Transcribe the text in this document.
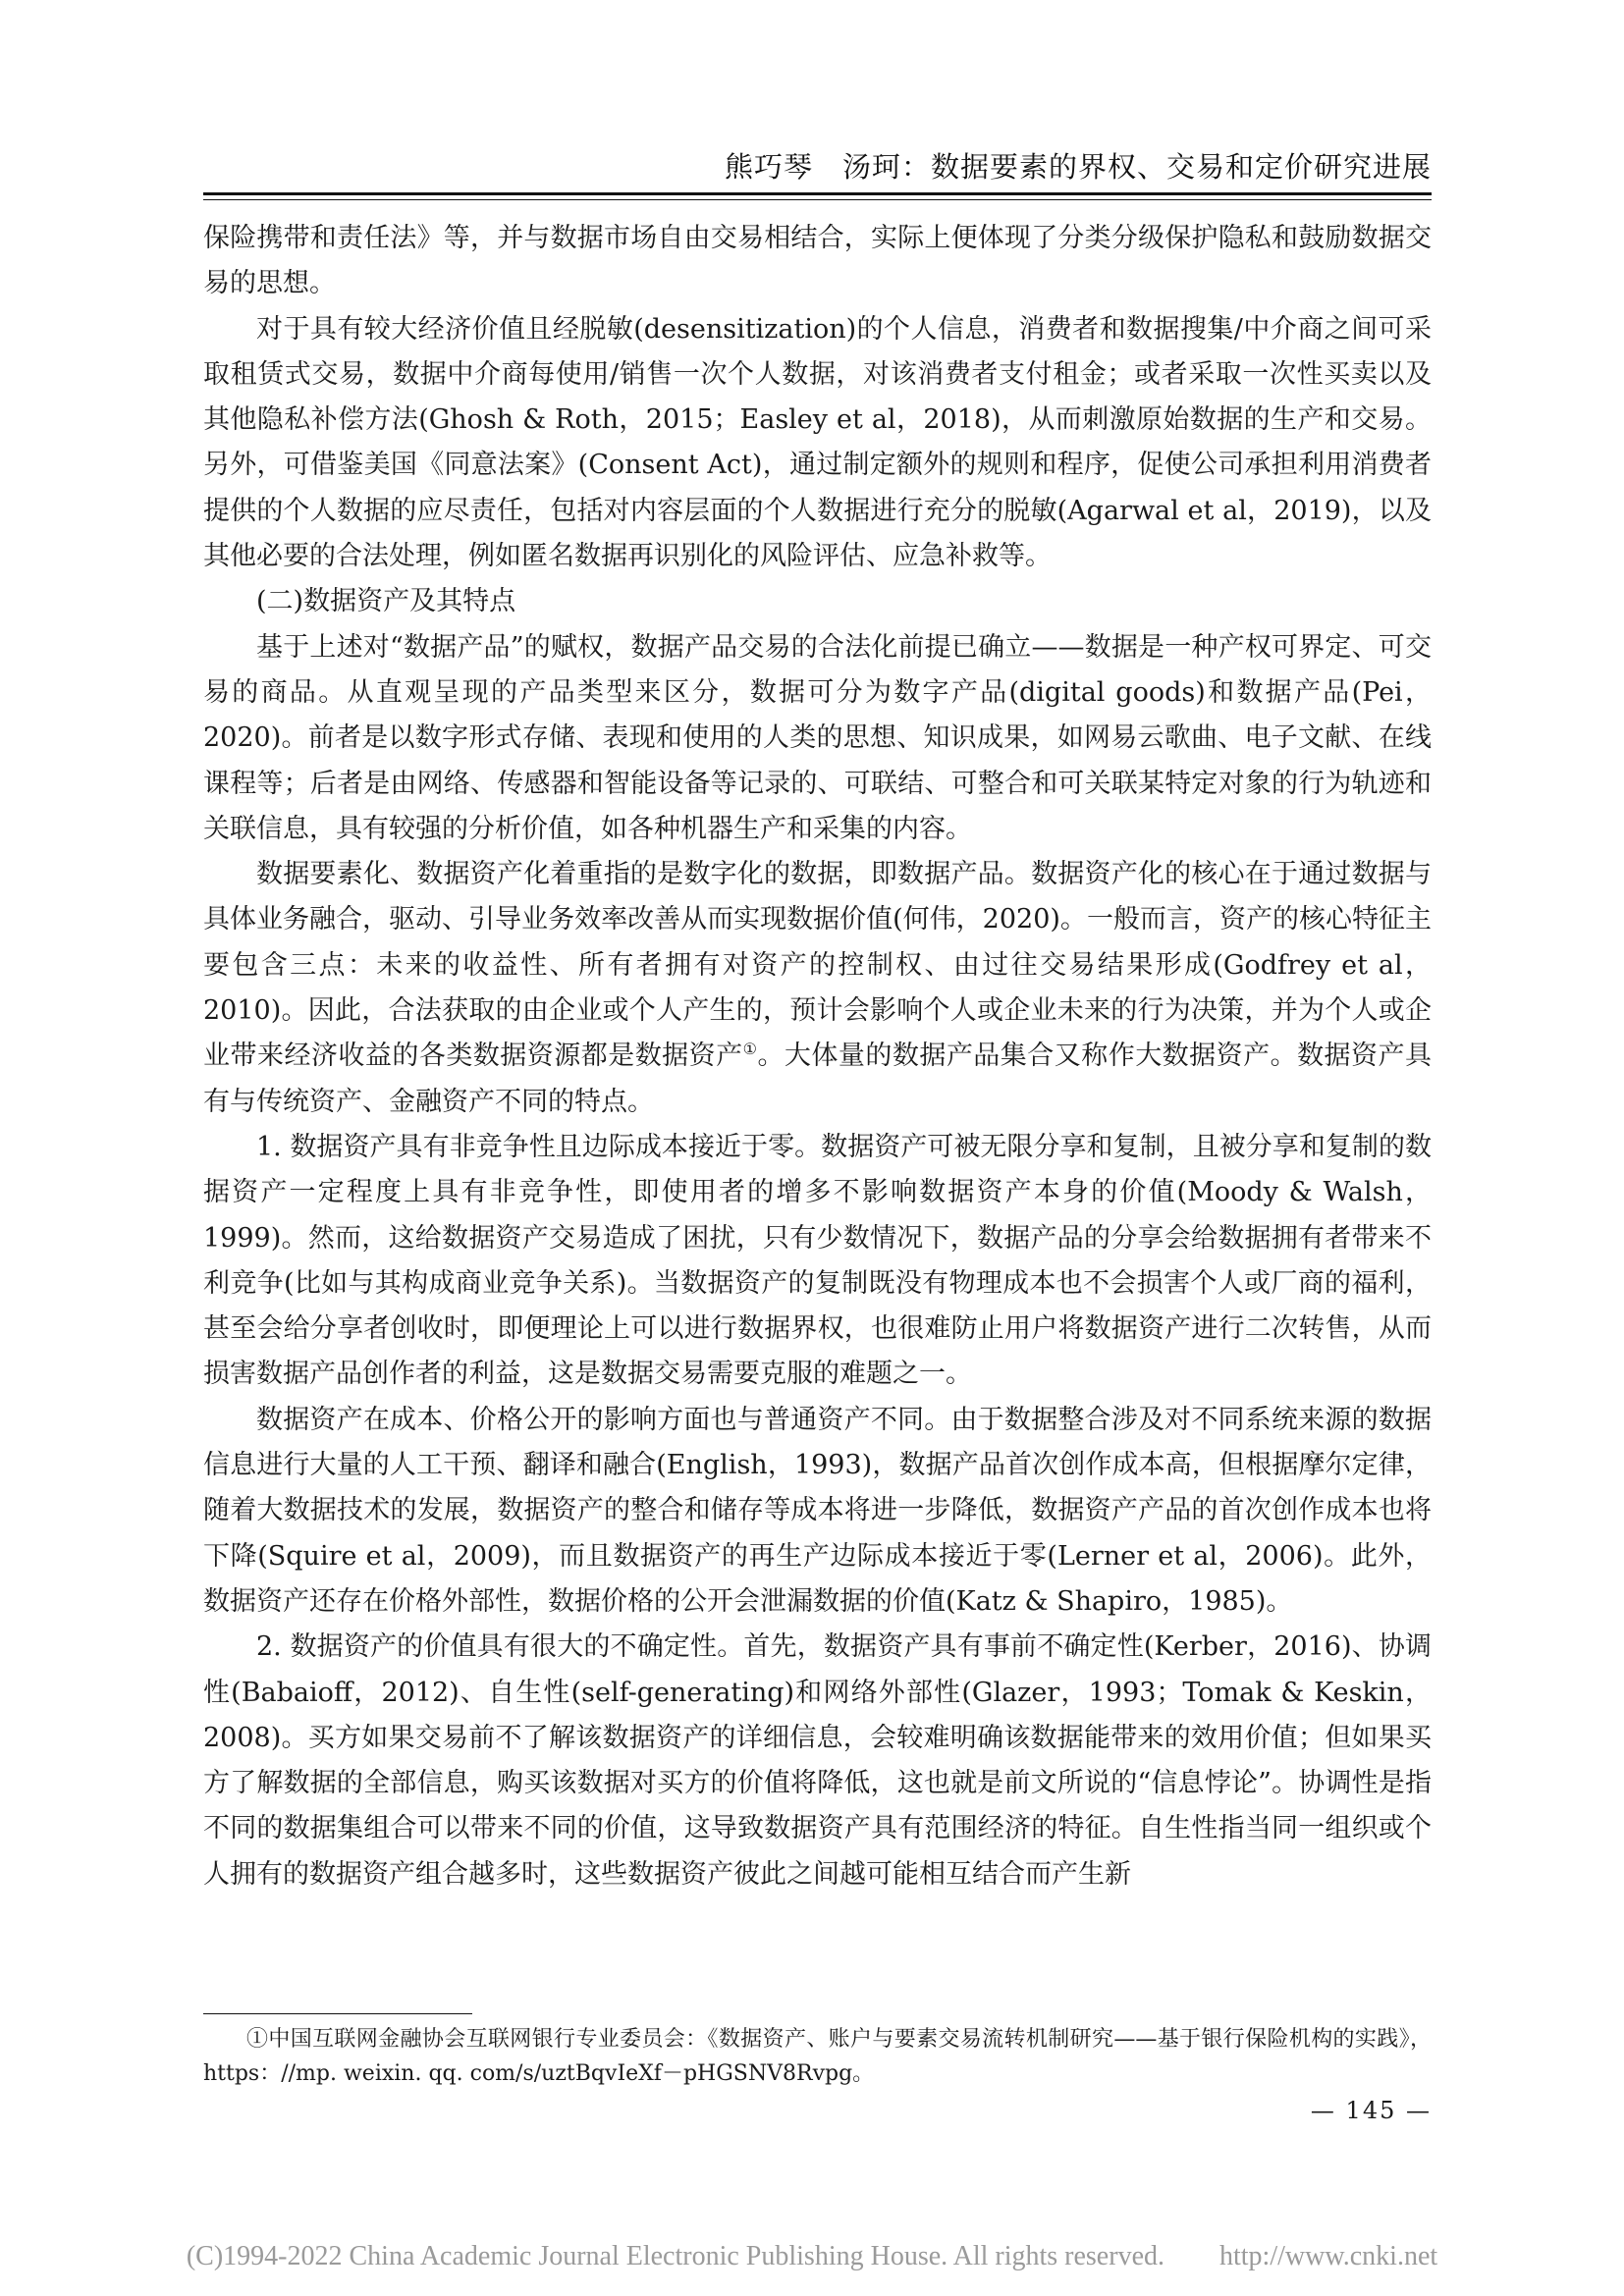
熊巧琴　汤珂：数据要素的界权、交易和定价研究进展

保险携带和责任法》等，并与数据市场自由交易相结合，实际上便体现了分类分级保护隐私和鼓励数据交易的思想。

对于具有较大经济价值且经脱敏(desensitization)的个人信息，消费者和数据搜集/中介商之间可采取租赁式交易，数据中介商每使用/销售一次个人数据，对该消费者支付租金；或者采取一次性买卖以及其他隐私补偿方法(Ghosh & Roth，2015；Easley et al，2018)，从而刺激原始数据的生产和交易。另外，可借鉴美国《同意法案》(Consent Act)，通过制定额外的规则和程序，促使公司承担利用消费者提供的个人数据的应尽责任，包括对内容层面的个人数据进行充分的脱敏(Agarwal et al，2019)，以及其他必要的合法处理，例如匿名数据再识别化的风险评估、应急补救等。

(二)数据资产及其特点

基于上述对“数据产品”的赋权，数据产品交易的合法化前提已确立——数据是一种产权可界定、可交易的商品。从直观呈现的产品类型来区分，数据可分为数字产品(digital goods)和数据产品(Pei，2020)。前者是以数字形式存储、表现和使用的人类的思想、知识成果，如网易云歌曲、电子文献、在线课程等；后者是由网络、传感器和智能设备等记录的、可联结、可整合和可关联某特定对象的行为轨迹和关联信息，具有较强的分析价值，如各种机器生产和采集的内容。

数据要素化、数据资产化着重指的是数字化的数据，即数据产品。数据资产化的核心在于通过数据与具体业务融合，驱动、引导业务效率改善从而实现数据价值(何伟，2020)。一般而言，资产的核心特征主要包含三点：未来的收益性、所有者拥有对资产的控制权、由过往交易结果形成(Godfrey et al，2010)。因此，合法获取的由企业或个人产生的，预计会影响个人或企业未来的行为决策，并为个人或企业带来经济收益的各类数据资源都是数据资产①。大体量的数据产品集合又称作大数据资产。数据资产具有与传统资产、金融资产不同的特点。

1. 数据资产具有非竞争性且边际成本接近于零。数据资产可被无限分享和复制，且被分享和复制的数据资产一定程度上具有非竞争性，即使用者的增多不影响数据资产本身的价值(Moody & Walsh，1999)。然而，这给数据资产交易造成了困扰，只有少数情况下，数据产品的分享会给数据拥有者带来不利竞争(比如与其构成商业竞争关系)。当数据资产的复制既没有物理成本也不会损害个人或厂商的福利，甚至会给分享者创收时，即便理论上可以进行数据界权，也很难防止用户将数据资产进行二次转售，从而损害数据产品创作者的利益，这是数据交易需要克服的难题之一。

数据资产在成本、价格公开的影响方面也与普通资产不同。由于数据整合涉及对不同系统来源的数据信息进行大量的人工干预、翻译和融合(English，1993)，数据产品首次创作成本高，但根据摩尔定律，随着大数据技术的发展，数据资产的整合和储存等成本将进一步降低，数据资产产品的首次创作成本也将下降(Squire et al，2009)，而且数据资产的再生产边际成本接近于零(Lerner et al，2006)。此外，数据资产还存在价格外部性，数据价格的公开会泄漏数据的价值(Katz & Shapiro，1985)。

2. 数据资产的价值具有很大的不确定性。首先，数据资产具有事前不确定性(Kerber，2016)、协调性(Babaioff，2012)、自生性(self-generating)和网络外部性(Glazer，1993；Tomak & Keskin，2008)。买方如果交易前不了解该数据资产的详细信息，会较难明确该数据能带来的效用价值；但如果买方了解数据的全部信息，购买该数据对买方的价值将降低，这也就是前文所说的“信息悖论”。协调性是指不同的数据集组合可以带来不同的价值，这导致数据资产具有范围经济的特征。自生性指当同一组织或个人拥有的数据资产组合越多时，这些数据资产彼此之间越可能相互结合而产生新

①中国互联网金融协会互联网银行专业委员会：《数据资产、账户与要素交易流转机制研究——基于银行保险机构的实践》，https：//mp. weixin. qq. com/s/uztBqvIeXf－pHGSNV8Rvpg。
— 145 —
(C)1994-2022 China Academic Journal Electronic Publishing House. All rights reserved.　　http://www.cnki.net
